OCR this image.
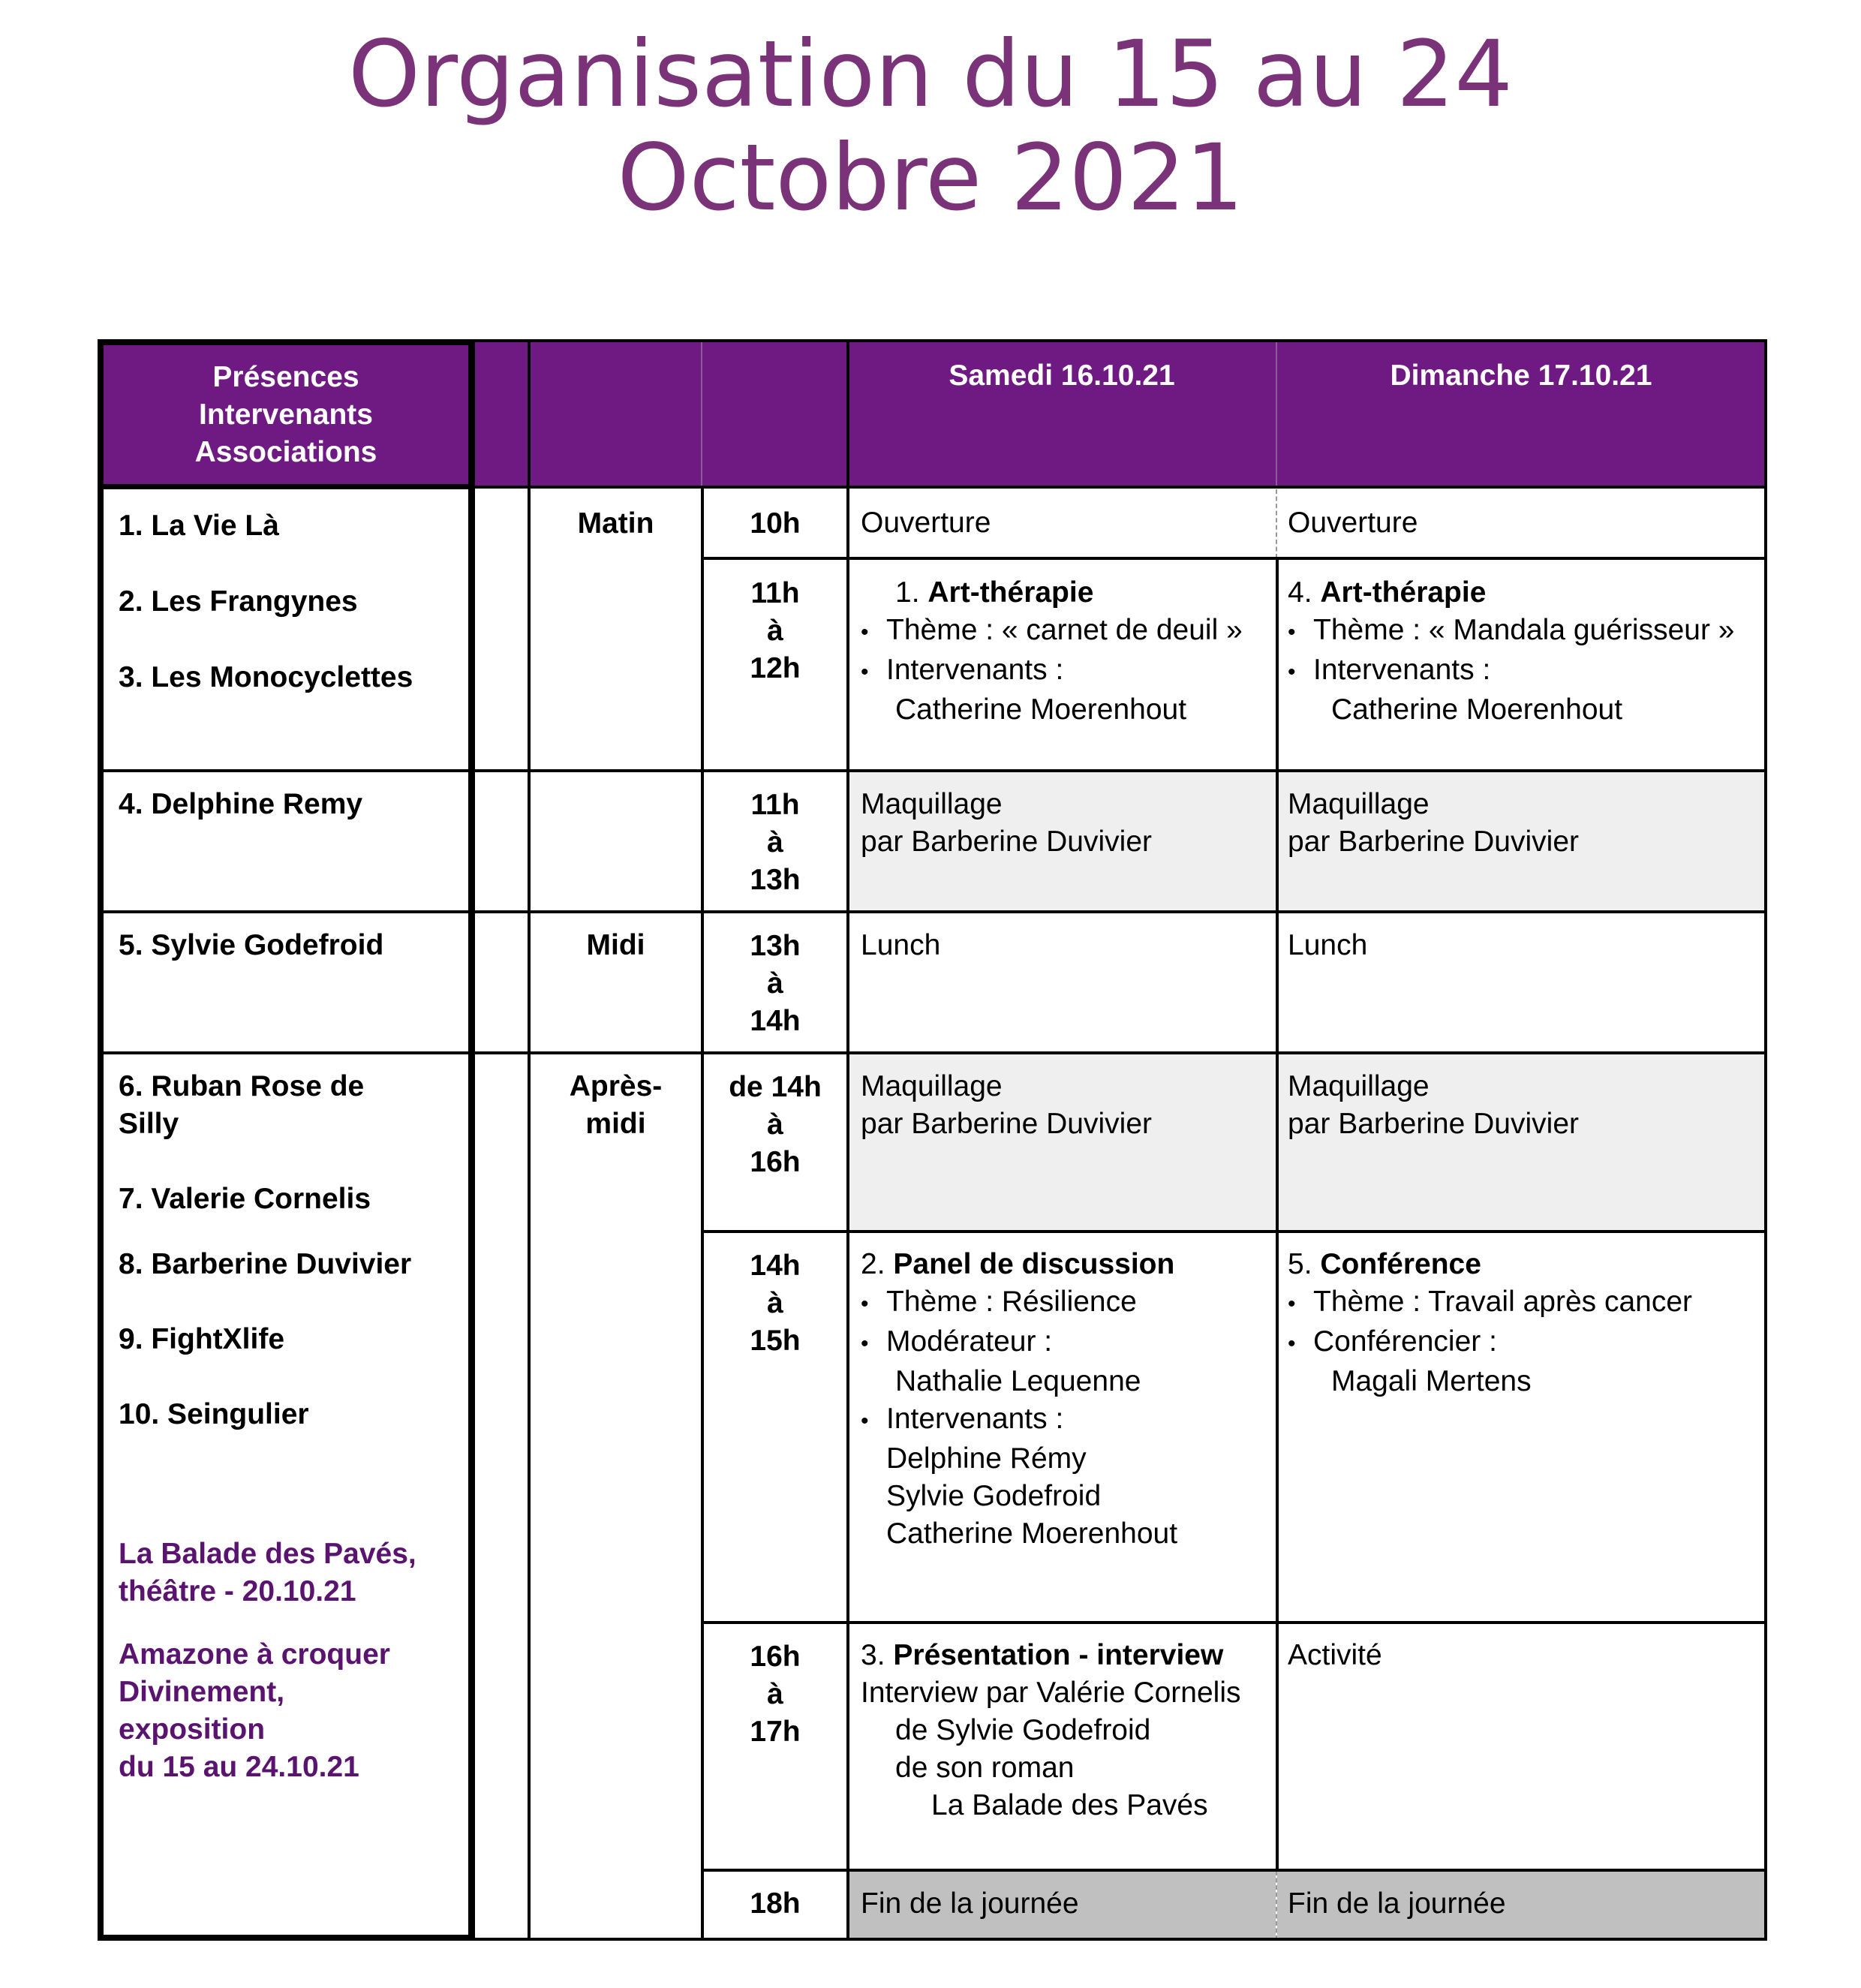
Organisation du 15 au 24
Octobre 2021
Présences
Intervenants
Associations
Samedi 16.10.21	Dimanche 17.10.21
1. La Vie Là
2. Les Frangynes
3. Les Monocyclettes
4. Delphine Remy
5. Sylvie Godefroid
6. Ruban Rose de
Silly
7. Valerie Cornelis
8. Barberine Duvivier
9. FightXlife
10. Seingulier
La Balade des Pavés,
théâtre - 20.10.21
Amazone à croquer
Divinement,
exposition
du 15 au 24.10.21
Matin
Midi
Après-
midi
10h
11h
à
12h
11h
à
13h
13h
à
14h
de 14h
à
16h
14h
à
15h
16h
à
17h
18h
Ouverture
1. Art-thérapie
• Thème : « carnet de deuil »
• Intervenants :
Catherine Moerenhout
Maquillage
par Barberine Duvivier
Lunch
Maquillage
par Barberine Duvivier
2. Panel de discussion
• Thème : Résilience
• Modérateur :
Nathalie Lequenne
• Intervenants :
Delphine Rémy
Sylvie Godefroid
Catherine Moerenhout
3. Présentation - interview
Interview par Valérie Cornelis
de Sylvie Godefroid
de son roman
La Balade des Pavés
Fin de la journée
Ouverture
4. Art-thérapie
• Thème : « Mandala guérisseur »
• Intervenants :
Catherine Moerenhout
Maquillage
par Barberine Duvivier
Lunch
Maquillage
par Barberine Duvivier
5. Conférence
• Thème : Travail après cancer
• Conférencier :
Magali Mertens
Activité
Fin de la journée
